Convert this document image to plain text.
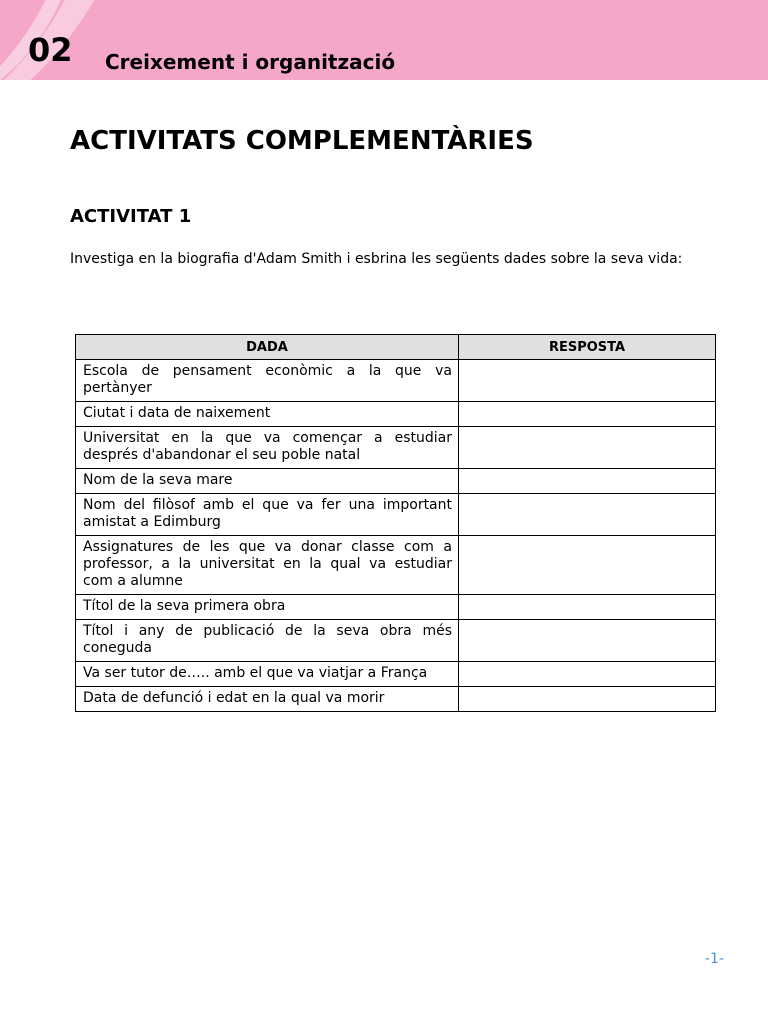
02 Creixement i organització
ACTIVITATS COMPLEMENTÀRIES
ACTIVITAT 1

Investiga en la biografia d'Adam Smith i esbrina les següents dades sobre la seva vida:

DADA	RESPOSTA
Escola de pensament econòmic a la que va pertànyer	
Ciutat i data de naixement	
Universitat en la que va començar a estudiar després d'abandonar el seu poble natal	
Nom de la seva mare	
Nom del filòsof amb el que va fer una important amistat a Edimburg	
Assignatures de les que va donar classe com a professor, a la universitat en la qual va estudiar com a alumne	
Títol de la seva primera obra	
Títol i any de publicació de la seva obra més coneguda	
Va ser tutor de….. amb el que va viatjar a França	
Data de defunció i edat en la qual va morir	
-1-
